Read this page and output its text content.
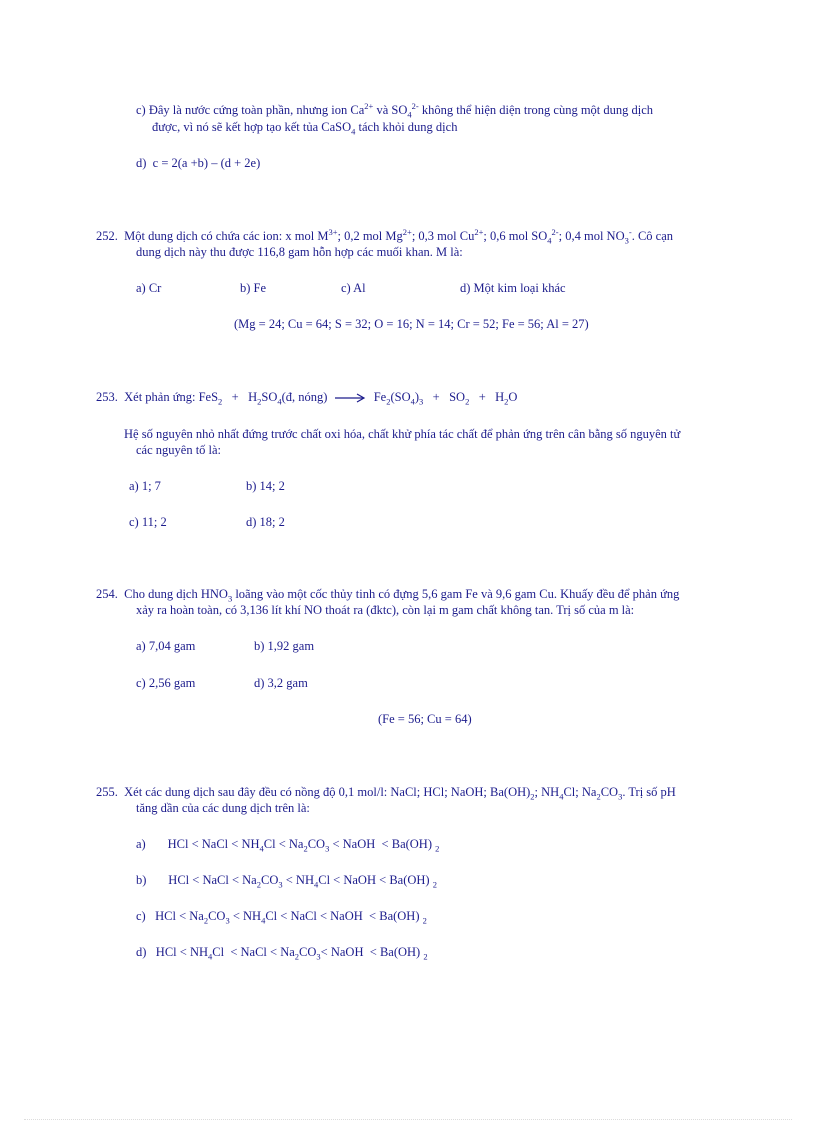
c) Đây là nước cứng toàn phần, nhưng ion $Ca^{2+}$ và $SO_4^{2-}$ không thể hiện diện trong cùng một dung dịch
được, vì nó sẽ kết hợp tạo kết tủa CaSO$_4$ tách khỏi dung dịch
d) c = 2(a +b) – (d + 2e)
252. Một dung dịch có chứa các ion: x mol $M^{3+}$; 0,2 mol $Mg^{2+}$; 0,3 mol $Cu^{2+}$; 0,6 mol $SO_4^{2-}$; 0,4 mol $NO_3^-$. Cô cạn
dung dịch này thu được 116,8 gam hỗn hợp các muối khan. M là:
a) Cr	b) Fe	c) Al	d) Một kim loại khác
(Mg = 24; Cu = 64; S = 32; O = 16; N = 14; Cr = 52; Fe = 56; Al = 27)
253. Xét phản ứng: $FeS_2 + H_2SO_4(đ$, nóng) → $Fe_2(SO_4)_3 + SO_2 + H_2O$
Hệ số nguyên nhỏ nhất đứng trước chất oxi hóa, chất khử phía tác chất để phản ứng trên cân bằng số nguyên tử
các nguyên tố là:
a) 1; 7	b) 14; 2
c) 11; 2	d) 18; 2
254. Cho dung dịch $HNO_3$ loãng vào một cốc thủy tinh có đựng 5,6 gam Fe và 9,6 gam Cu. Khuấy đều để phản ứng
xảy ra hoàn toàn, có 3,136 lít khí NO thoát ra (đktc), còn lại m gam chất không tan. Trị số của m là:
a) 7,04 gam	b) 1,92 gam
c) 2,56 gam	d) 3,2 gam
(Fe = 56; Cu = 64)
255. Xét các dung dịch sau đây đều có nồng độ 0,1 mol/l: NaCl; HCl; NaOH; $Ba(OH)_2$; $NH_4Cl$; $Na_2CO_3$. Trị số pH
tăng dần của các dung dịch trên là:
a) HCl < NaCl < $NH_4Cl < Na_2CO_3$ < NaOH < Ba(OH) $_2$
b) HCl < NaCl < $Na_2CO_3 < NH_4Cl$ < NaOH < Ba(OH) $_2$
c) HCl < $Na_2CO_3 < NH_4Cl$ < NaCl < NaOH < Ba(OH) $_2$
d) HCl < $NH_4Cl$ < NaCl < $Na_2CO_3<$ NaOH < Ba(OH) $_2$
